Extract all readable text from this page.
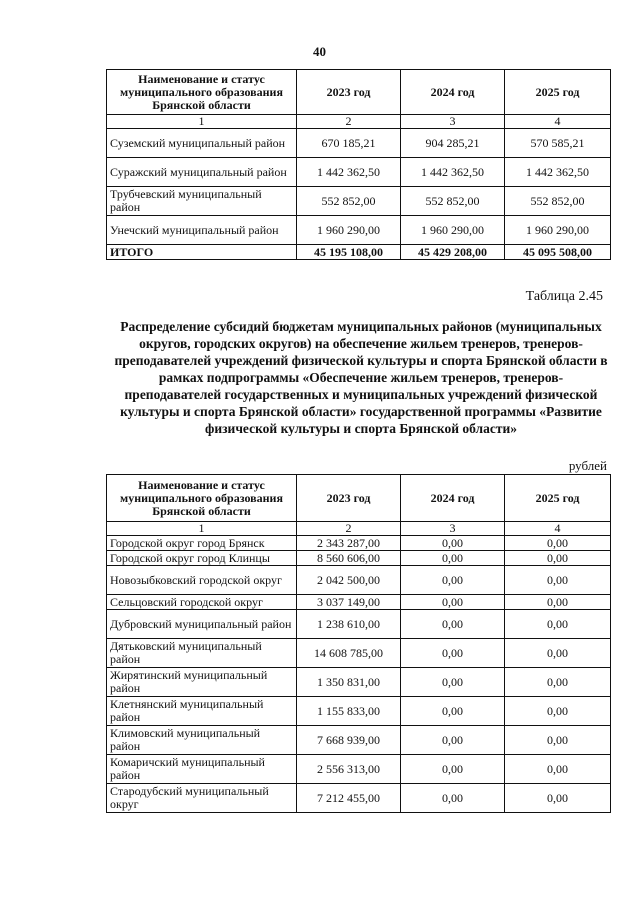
40
Наименование и статус муниципального образования Брянской области	2023 год	2024 год	2025 год
1	2	3	4
Суземский муниципальный район	670 185,21	904 285,21	570 585,21
Суражский муниципальный район	1 442 362,50	1 442 362,50	1 442 362,50
Трубчевский муниципальный район	552 852,00	552 852,00	552 852,00
Унечский муниципальный район	1 960 290,00	1 960 290,00	1 960 290,00
ИТОГО	45 195 108,00	45 429 208,00	45 095 508,00
Таблица 2.45

Распределение субсидий бюджетам муниципальных районов (муниципальных округов, городских округов) на обеспечение жильем тренеров, тренеров-преподавателей учреждений физической культуры и спорта Брянской области в рамках подпрограммы «Обеспечение жильем тренеров, тренеров-преподавателей государственных и муниципальных учреждений физической культуры и спорта Брянской области» государственной программы «Развитие физической культуры и спорта Брянской области»

рублей
Наименование и статус муниципального образования Брянской области	2023 год	2024 год	2025 год
1	2	3	4
Городской округ город Брянск	2 343 287,00	0,00	0,00
Городской округ город Клинцы	8 560 606,00	0,00	0,00
Новозыбковский городской округ	2 042 500,00	0,00	0,00
Сельцовский городской округ	3 037 149,00	0,00	0,00
Дубровский муниципальный район	1 238 610,00	0,00	0,00
Дятьковский муниципальный район	14 608 785,00	0,00	0,00
Жирятинский муниципальный район	1 350 831,00	0,00	0,00
Клетнянский муниципальный район	1 155 833,00	0,00	0,00
Климовский муниципальный район	7 668 939,00	0,00	0,00
Комаричский муниципальный район	2 556 313,00	0,00	0,00
Стародубский муниципальный округ	7 212 455,00	0,00	0,00
